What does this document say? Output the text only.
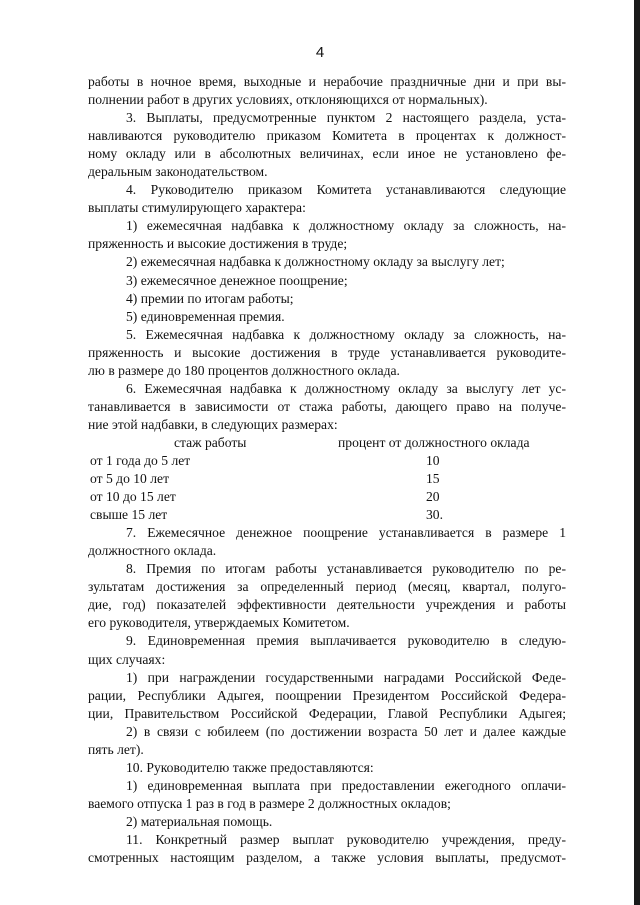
4
работы в ночное время, выходные и нерабочие праздничные дни и при вы-
полнении работ в других условиях, отклоняющихся от нормальных).
3. Выплаты, предусмотренные пунктом 2 настоящего раздела, уста-
навливаются руководителю приказом Комитета в процентах к должност-
ному окладу или в абсолютных величинах, если иное не установлено фе-
деральным законодательством.
4. Руководителю приказом Комитета устанавливаются следующие
выплаты стимулирующего характера:
1) ежемесячная надбавка к должностному окладу за сложность, на-
пряженность и высокие достижения в труде;
2) ежемесячная надбавка к должностному окладу за выслугу лет;
3) ежемесячное денежное поощрение;
4) премии по итогам работы;
5) единовременная премия.
5. Ежемесячная надбавка к должностному окладу за сложность, на-
пряженность и высокие достижения в труде устанавливается руководите-
лю в размере до 180 процентов должностного оклада.
6. Ежемесячная надбавка к должностному окладу за выслугу лет ус-
танавливается в зависимости от стажа работы, дающего право на получе-
ние этой надбавки, в следующих размерах:
стаж работы	процент от должностного оклада
от 1 года до 5 лет	10
от 5 до 10 лет	15
от 10 до 15 лет	20
свыше 15 лет	30.
7. Ежемесячное денежное поощрение устанавливается в размере 1
должностного оклада.
8. Премия по итогам работы устанавливается руководителю по ре-
зультатам достижения за определенный период (месяц, квартал, полуго-
дие, год) показателей эффективности деятельности учреждения и работы
его руководителя, утверждаемых Комитетом.
9. Единовременная премия выплачивается руководителю в следую-
щих случаях:
1) при награждении государственными наградами Российской Феде-
рации, Республики Адыгея, поощрении Президентом Российской Федера-
ции, Правительством Российской Федерации, Главой Республики Адыгея;
2) в связи с юбилеем (по достижении возраста 50 лет и далее каждые
пять лет).
10. Руководителю также предоставляются:
1) единовременная выплата при предоставлении ежегодного оплачи-
ваемого отпуска 1 раз в год в размере 2 должностных окладов;
2) материальная помощь.
11. Конкретный размер выплат руководителю учреждения, преду-
смотренных настоящим разделом, а также условия выплаты, предусмот-
